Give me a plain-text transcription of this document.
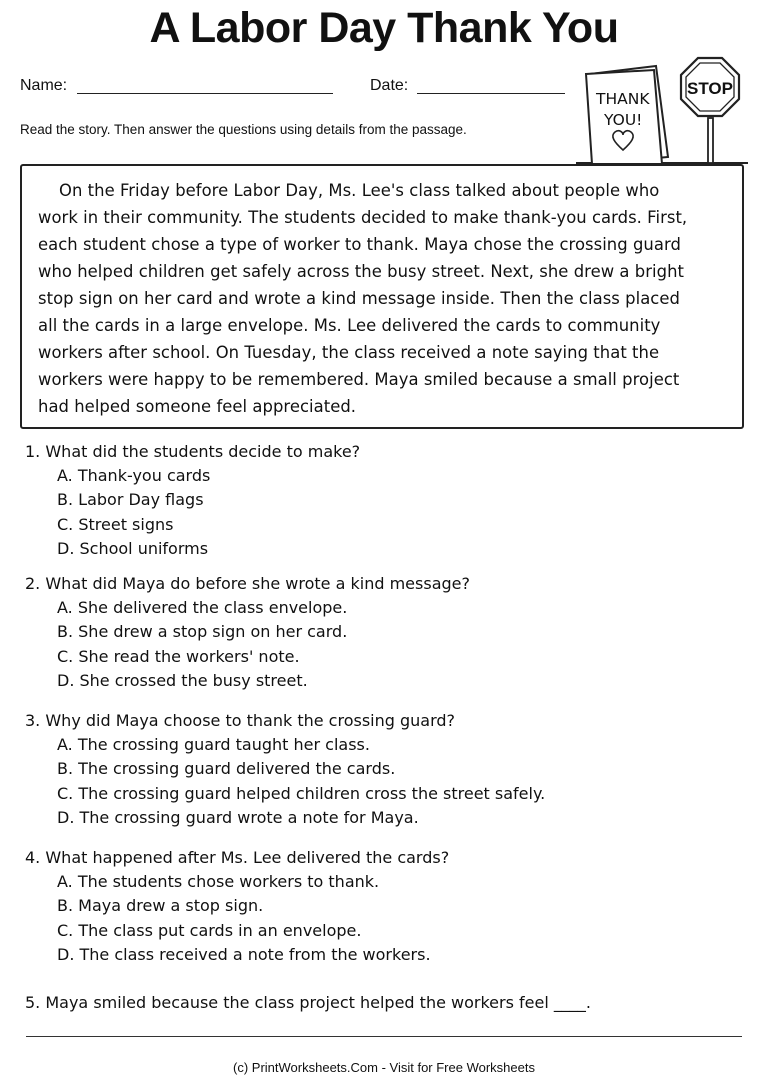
A Labor Day Thank You
Name:	Date:
Read the story. Then answer the questions using details from the passage.
THANK
YOU!
STOP

On the Friday before Labor Day, Ms. Lee's class talked about people who

work in their community. The students decided to make thank-you cards. First,
each student chose a type of worker to thank. Maya chose the crossing guard
who helped children get safely across the busy street. Next, she drew a bright
stop sign on her card and wrote a kind message inside. Then the class placed
all the cards in a large envelope. Ms. Lee delivered the cards to community
workers after school. On Tuesday, the class received a note saying that the
workers were happy to be remembered. Maya smiled because a small project
had helped someone feel appreciated.
1. What did the students decide to make?
A. Thank-you cards
B. Labor Day flags
C. Street signs
D. School uniforms
2. What did Maya do before she wrote a kind message?
A. She delivered the class envelope.
B. She drew a stop sign on her card.
C. She read the workers' note.
D. She crossed the busy street.
3. Why did Maya choose to thank the crossing guard?
A. The crossing guard taught her class.
B. The crossing guard delivered the cards.
C. The crossing guard helped children cross the street safely.
D. The crossing guard wrote a note for Maya.
4. What happened after Ms. Lee delivered the cards?
A. The students chose workers to thank.
B. Maya drew a stop sign.
C. The class put cards in an envelope.
D. The class received a note from the workers.
5. Maya smiled because the class project helped the workers feel ____.
(c) PrintWorksheets.Com - Visit for Free Worksheets
